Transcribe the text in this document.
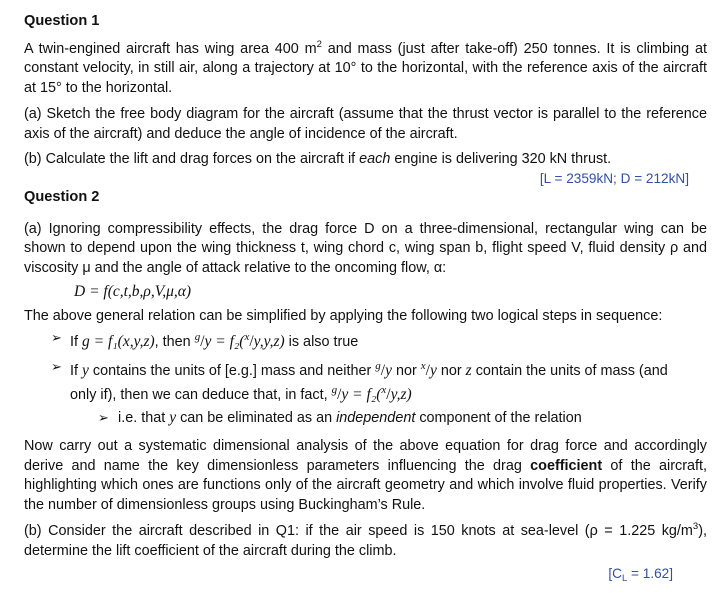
Question 1

A twin-engined aircraft has wing area 400 $m^2$ and mass (just after take-off) 250 tonnes. It is climbing at constant velocity, in still air, along a trajectory at 10° to the horizontal, with the reference axis of the aircraft at 15° to the horizontal.

(a) Sketch the free body diagram for the aircraft (assume that the thrust vector is parallel to the reference axis of the aircraft) and deduce the angle of incidence of the aircraft.

(b) Calculate the lift and drag forces on the aircraft if each engine is delivering 320 kN thrust.

[L = 2359kN; D = 212kN]

Question 2

(a) Ignoring compressibility effects, the drag force D on a three-dimensional, rectangular wing can be shown to depend upon the wing thickness t, wing chord c, wing span b, flight speed V, fluid density ρ and viscosity μ and the angle of attack relative to the oncoming flow, α:

D = f(c,t,b,ρ,V,μ,α)

The above general relation can be simplified by applying the following two logical steps in sequence:

➢ If g = f₁(x,y,z), then $^g$/y = f₂($^x$/y,y,z) is also true

➢ If y contains the units of [e.g.] mass and neither $^g$/y nor $^x$/y nor z contain the units of mass (and only if), then we can deduce that, in fact, $^g$/y = f₂($^x$/y,z)

➢ i.e. that y can be eliminated as an independent component of the relation

Now carry out a systematic dimensional analysis of the above equation for drag force and accordingly derive and name the key dimensionless parameters influencing the drag coefficient of the aircraft, highlighting which ones are functions only of the aircraft geometry and which involve fluid properties. Verify the number of dimensionless groups using Buckingham’s Rule.

(b) Consider the aircraft described in Q1: if the air speed is 150 knots at sea-level (ρ = 1.225 $kg/m^3$), determine the lift coefficient of the aircraft during the climb.

$[C_L = 1.62]$
